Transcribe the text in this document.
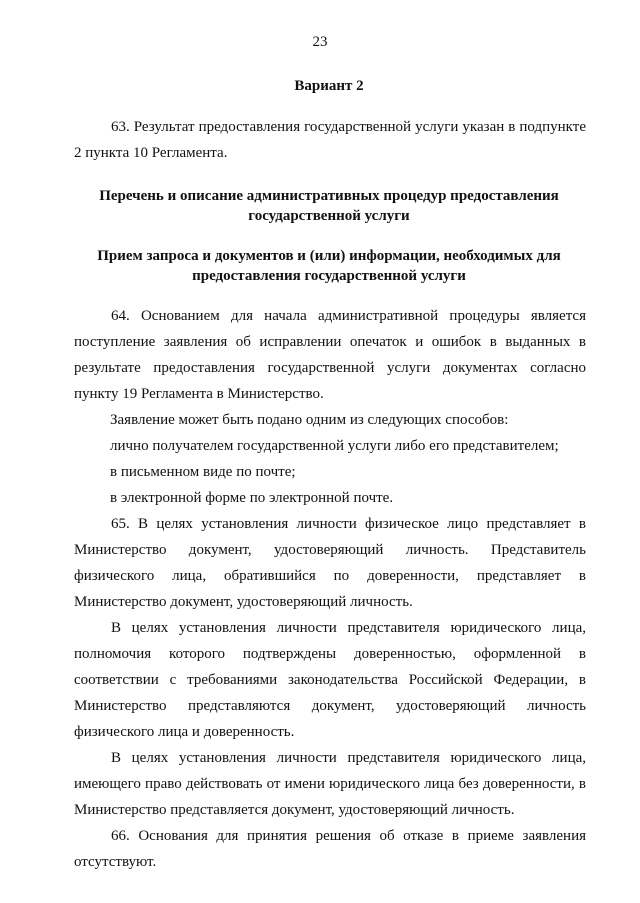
23
Вариант 2
63. Результат предоставления государственной услуги указан в подпункте 2 пункта 10 Регламента.
Перечень и описание административных процедур предоставления государственной услуги
Прием запроса и документов и (или) информации, необходимых для предоставления государственной услуги
64. Основанием для начала административной процедуры является поступление заявления об исправлении опечаток и ошибок в выданных в результате предоставления государственной услуги документах согласно пункту 19 Регламента в Министерство.
Заявление может быть подано одним из следующих способов:
лично получателем государственной услуги либо его представителем;
в письменном виде по почте;
в электронной форме по электронной почте.
65. В целях установления личности физическое лицо представляет в Министерство документ, удостоверяющий личность. Представитель физического лица, обратившийся по доверенности, представляет в Министерство документ, удостоверяющий личность.
В целях установления личности представителя юридического лица, полномочия которого подтверждены доверенностью, оформленной в соответствии с требованиями законодательства Российской Федерации, в Министерство представляются документ, удостоверяющий личность физического лица и доверенность.
В целях установления личности представителя юридического лица, имеющего право действовать от имени юридического лица без доверенности, в Министерство представляется документ, удостоверяющий личность.
66. Основания для принятия решения об отказе в приеме заявления отсутствуют.
